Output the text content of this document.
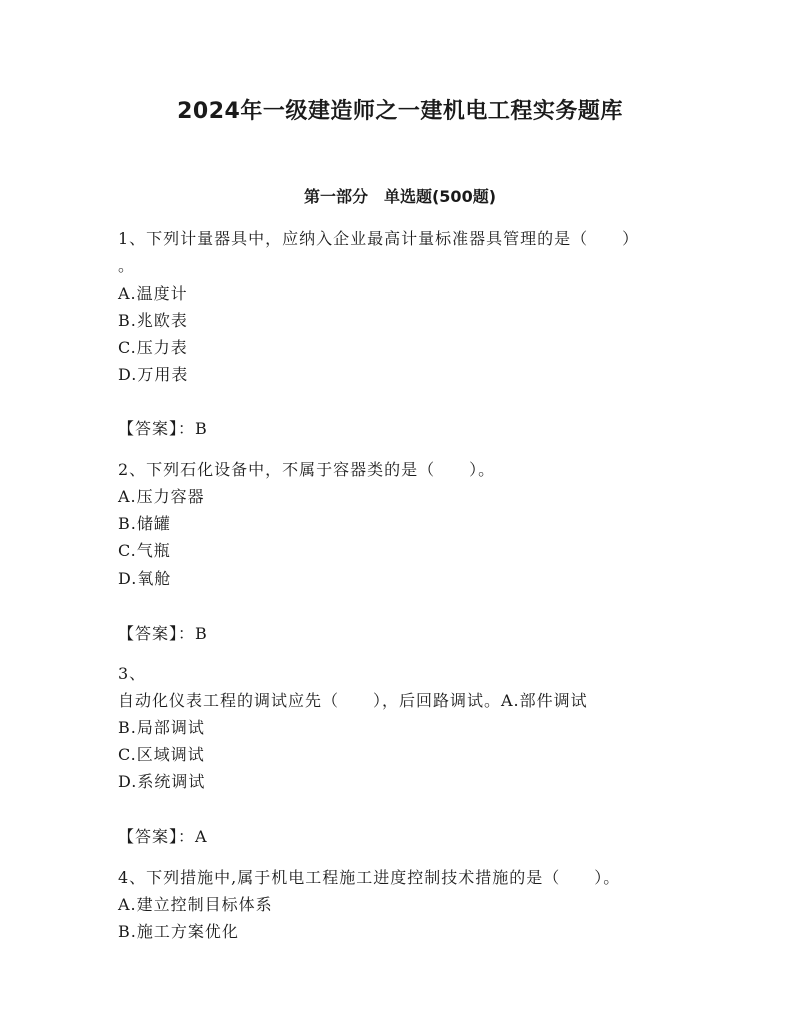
2024年一级建造师之一建机电工程实务题库
第一部分　单选题(500题)
1、下列计量器具中，应纳入企业最高计量标准器具管理的是（　　）
。
A.温度计
B.兆欧表
C.压力表
D.万用表
【答案】：B
2、下列石化设备中，不属于容器类的是（　　）。
A.压力容器
B.储罐
C.气瓶
D.氧舱
【答案】：B
3、
自动化仪表工程的调试应先（　　），后回路调试。A.部件调试
B.局部调试
C.区域调试
D.系统调试
【答案】：A
4、下列措施中,属于机电工程施工进度控制技术措施的是（　　）。
A.建立控制目标体系
B.施工方案优化
